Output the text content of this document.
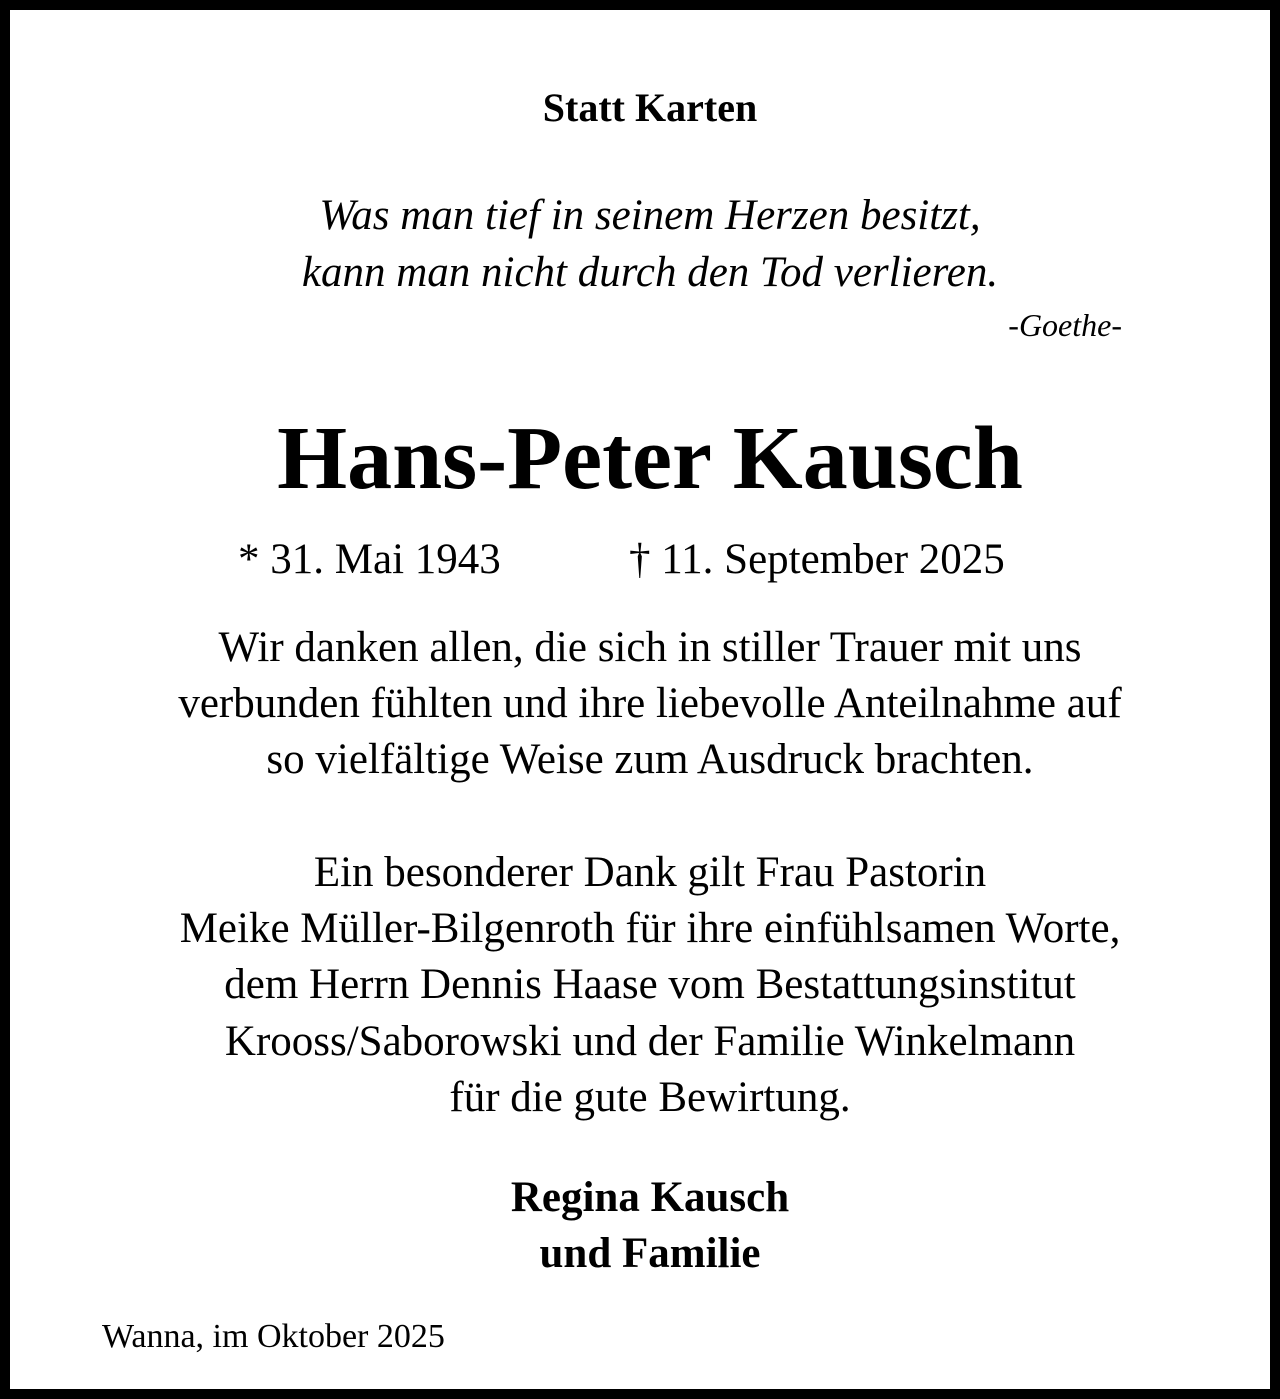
Statt Karten
Was man tief in seinem Herzen besitzt,
kann man nicht durch den Tod verlieren.
-Goethe-
Hans-Peter Kausch
* 31. Mai 1943	† 11. September 2025
Wir danken allen, die sich in stiller Trauer mit uns
verbunden fühlten und ihre liebevolle Anteilnahme auf
so vielfältige Weise zum Ausdruck brachten.
Ein besonderer Dank gilt Frau Pastorin
Meike Müller-Bilgenroth für ihre einfühlsamen Worte,
dem Herrn Dennis Haase vom Bestattungsinstitut
Krooss/Saborowski und der Familie Winkelmann
für die gute Bewirtung.
Regina Kausch
und Familie
Wanna, im Oktober 2025
